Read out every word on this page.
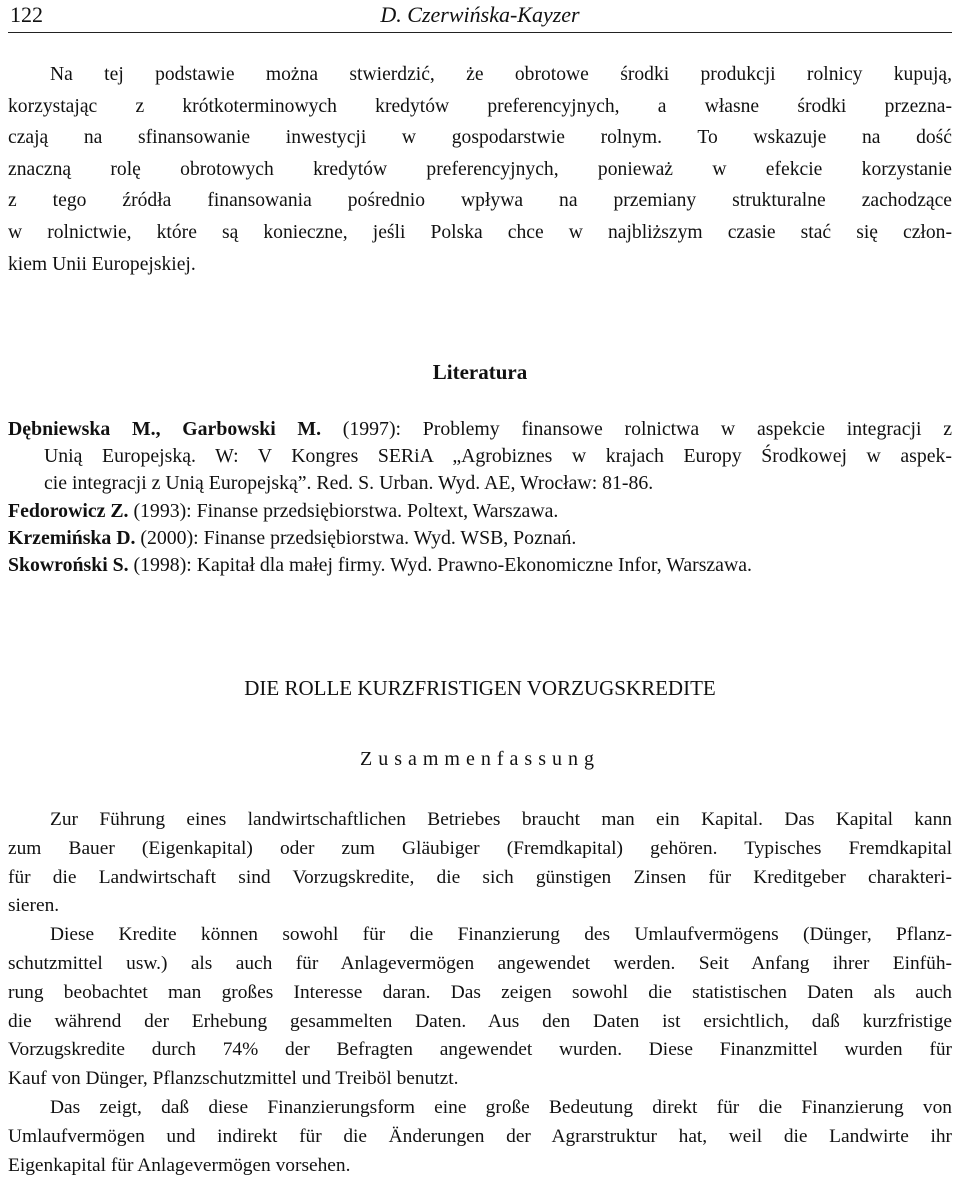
122	D. Czerwińska-Kayzer
Na tej podstawie można stwierdzić, że obrotowe środki produkcji rolnicy kupują,
korzystając z krótkoterminowych kredytów preferencyjnych, a własne środki przezna-
czają na sfinansowanie inwestycji w gospodarstwie rolnym. To wskazuje na dość
znaczną rolę obrotowych kredytów preferencyjnych, ponieważ w efekcie korzystanie
z tego źródła finansowania pośrednio wpływa na przemiany strukturalne zachodzące
w rolnictwie, które są konieczne, jeśli Polska chce w najbliższym czasie stać się człon-
kiem Unii Europejskiej.
Literatura
Dębniewska M., Garbowski M. (1997): Problemy finansowe rolnictwa w aspekcie integracji z
Unią Europejską. W: V Kongres SERiA „Agrobiznes w krajach Europy Środkowej w aspek-
cie integracji z Unią Europejską”. Red. S. Urban. Wyd. AE, Wrocław: 81-86.
Fedorowicz Z. (1993): Finanse przedsiębiorstwa. Poltext, Warszawa.
Krzemińska D. (2000): Finanse przedsiębiorstwa. Wyd. WSB, Poznań.
Skowroński S. (1998): Kapitał dla małej firmy. Wyd. Prawno-Ekonomiczne Infor, Warszawa.
DIE ROLLE KURZFRISTIGEN VORZUGSKREDITE
Zusammenfassung
Zur Führung eines landwirtschaftlichen Betriebes braucht man ein Kapital. Das Kapital kann
zum Bauer (Eigenkapital) oder zum Gläubiger (Fremdkapital) gehören. Typisches Fremdkapital
für die Landwirtschaft sind Vorzugskredite, die sich günstigen Zinsen für Kreditgeber charakteri-
sieren.
Diese Kredite können sowohl für die Finanzierung des Umlaufvermögens (Dünger, Pflanz-
schutzmittel usw.) als auch für Anlagevermögen angewendet werden. Seit Anfang ihrer Einfüh-
rung beobachtet man großes Interesse daran. Das zeigen sowohl die statistischen Daten als auch
die während der Erhebung gesammelten Daten. Aus den Daten ist ersichtlich, daß kurzfristige
Vorzugskredite durch 74% der Befragten angewendet wurden. Diese Finanzmittel wurden für
Kauf von Dünger, Pflanzschutzmittel und Treiböl benutzt.
Das zeigt, daß diese Finanzierungsform eine große Bedeutung direkt für die Finanzierung von
Umlaufvermögen und indirekt für die Änderungen der Agrarstruktur hat, weil die Landwirte ihr
Eigenkapital für Anlagevermögen vorsehen.
